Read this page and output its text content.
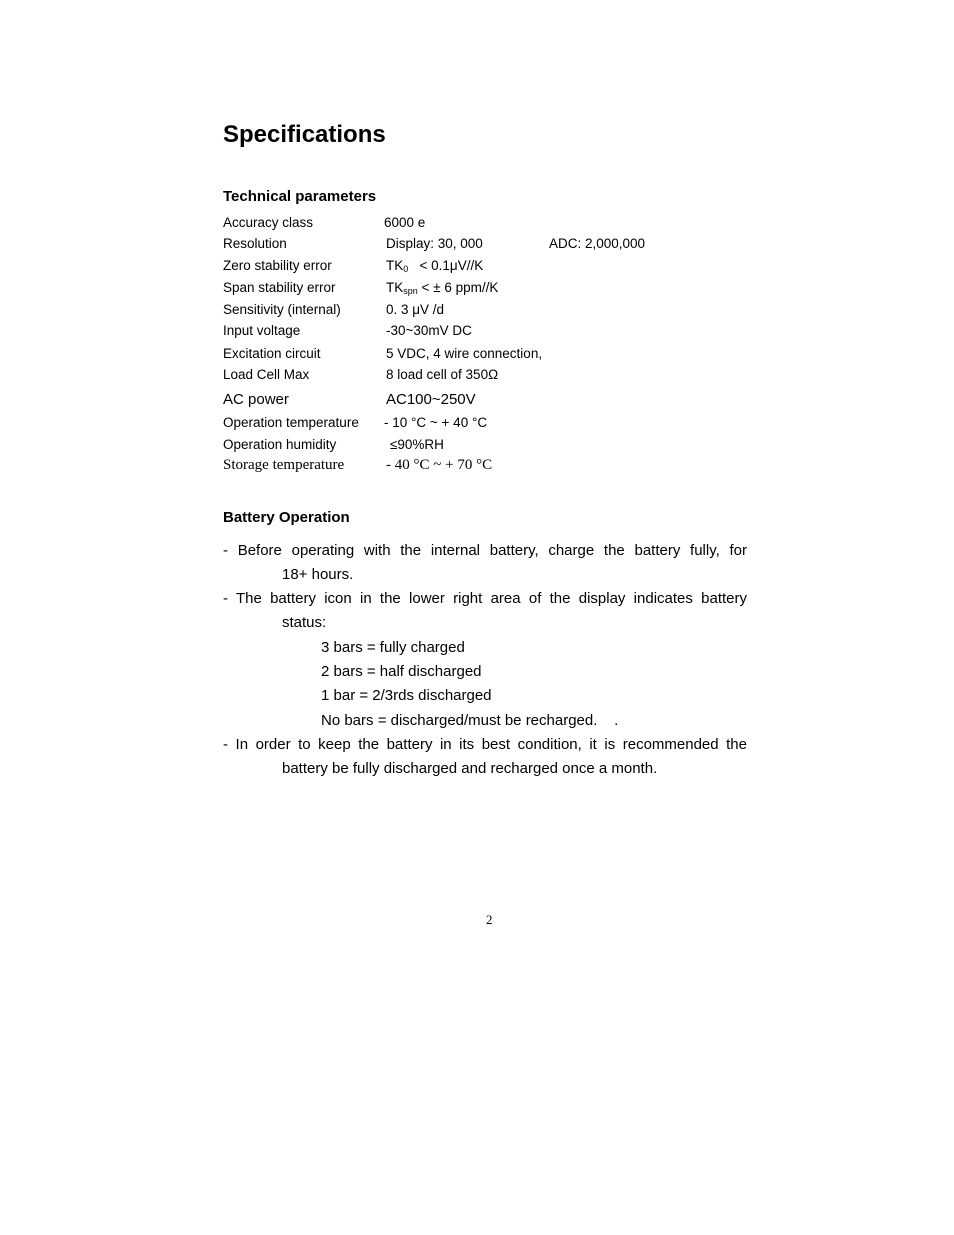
Specifications
Technical parameters
Accuracy class	6000 e
Resolution	Display: 30, 000	ADC: 2,000,000
Zero stability error	$TK_0 < 0.1\mu V//K$
Span stability error	$TK_{spn}$ < ± 6 ppm//K
Sensitivity (internal)	0. 3 μV /d
Input voltage	-30~30mV DC
Excitation circuit	5 VDC, 4 wire connection,
Load Cell Max	8 load cell of 350Ω
AC power	AC100~250V
Operation temperature - 10 °C ~ + 40 °C
Operation humidity	≤90%RH
Storage temperature	- 40 °C ~ + 70 °C
Battery Operation
- Before operating with the internal battery, charge the battery fully, for
18+ hours.
- The battery icon in the lower right area of the display indicates battery
status:
3 bars = fully charged
2 bars = half discharged
1 bar = 2/3rds discharged
No bars = discharged/must be recharged.    .
- In order to keep the battery in its best condition, it is recommended the
battery be fully discharged and recharged once a month.
2
